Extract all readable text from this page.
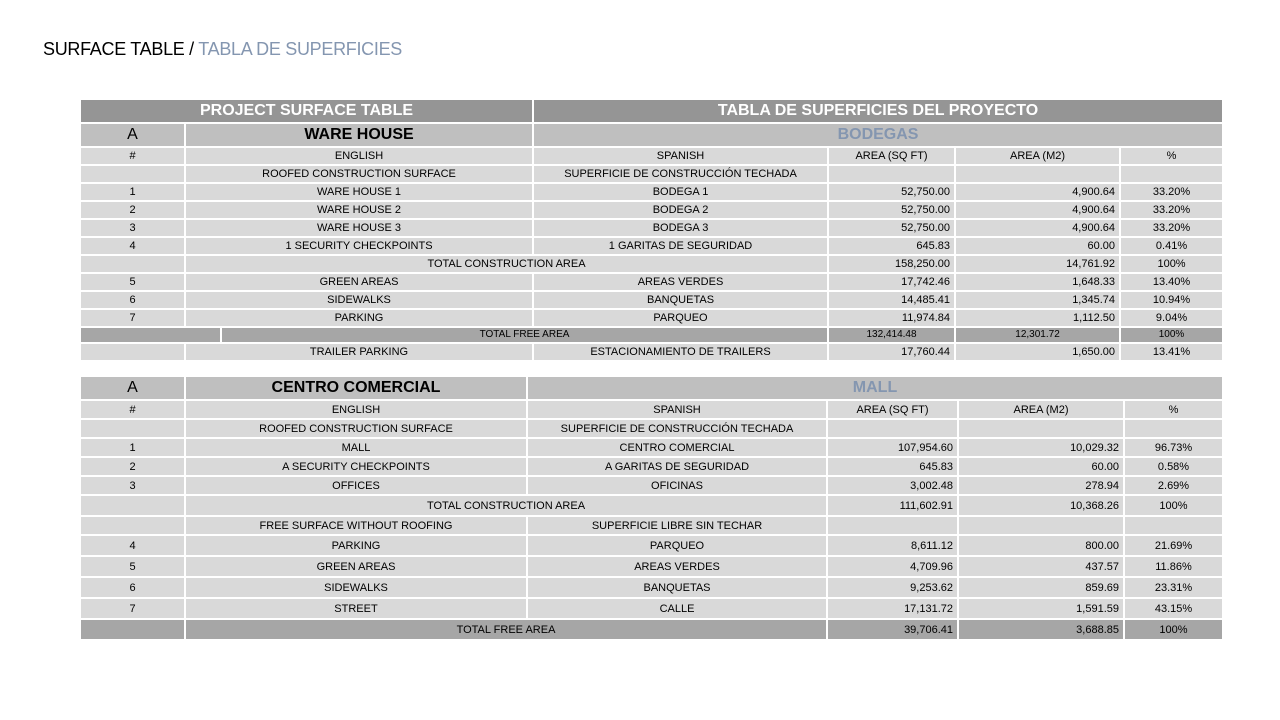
SURFACE TABLE / TABLA DE SUPERFICIES
PROJECT SURFACE TABLE			TABLA DE SUPERFICIES DEL PROYECTO			
A	WARE HOUSE		BODEGAS			
#	ENGLISH		SPANISH	AREA (SQ FT)	AREA (M2)	%
	ROOFED CONSTRUCTION SURFACE		SUPERFICIE DE CONSTRUCCIÓN TECHADA			
1	WARE HOUSE 1		BODEGA 1	52,750.00	4,900.64	33.20%
2	WARE HOUSE 2		BODEGA 2	52,750.00	4,900.64	33.20%
3	WARE HOUSE 3		BODEGA 3	52,750.00	4,900.64	33.20%
4	1 SECURITY CHECKPOINTS		1 GARITAS DE SEGURIDAD	645.83	60.00	0.41%
	TOTAL CONSTRUCTION AREA			158,250.00	14,761.92	100%
5	GREEN AREAS		AREAS VERDES	17,742.46	1,648.33	13.40%
6	SIDEWALKS		BANQUETAS	14,485.41	1,345.74	10.94%
7	PARKING		PARQUEO	11,974.84	1,112.50	9.04%
		TOTAL FREE AREA		132,414.48	12,301.72	100%
	TRAILER PARKING		ESTACIONAMIENTO DE TRAILERS	17,760.44	1,650.00	13.41%
A	CENTRO COMERCIAL	MALL			
#	ENGLISH	SPANISH	AREA (SQ FT)	AREA (M2)	%
	ROOFED CONSTRUCTION SURFACE	SUPERFICIE DE CONSTRUCCIÓN TECHADA			
1	MALL	CENTRO COMERCIAL	107,954.60	10,029.32	96.73%
2	A SECURITY CHECKPOINTS	A GARITAS DE SEGURIDAD	645.83	60.00	0.58%
3	OFFICES	OFICINAS	3,002.48	278.94	2.69%
	TOTAL CONSTRUCTION AREA		111,602.91	10,368.26	100%
	FREE SURFACE WITHOUT ROOFING	SUPERFICIE LIBRE SIN TECHAR			
4	PARKING	PARQUEO	8,611.12	800.00	21.69%
5	GREEN AREAS	AREAS VERDES	4,709.96	437.57	11.86%
6	SIDEWALKS	BANQUETAS	9,253.62	859.69	23.31%
7	STREET	CALLE	17,131.72	1,591.59	43.15%
	TOTAL FREE AREA		39,706.41	3,688.85	100%
